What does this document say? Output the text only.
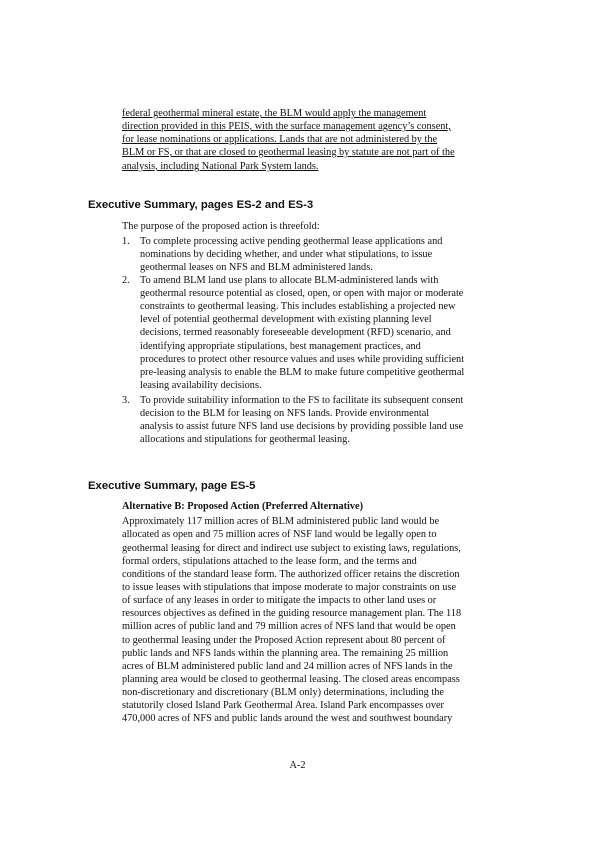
federal geothermal mineral estate, the BLM would apply the management
direction provided in this PEIS, with the surface management agency’s consent,
for lease nominations or applications. Lands that are not administered by the
BLM or FS, or that are closed to geothermal leasing by statute are not part of the
analysis, including National Park System lands.
Executive Summary, pages ES-2 and ES-3
The purpose of the proposed action is threefold:
1. To complete processing active pending geothermal lease applications and
nominations by deciding whether, and under what stipulations, to issue
geothermal leases on NFS and BLM administered lands.
2. To amend BLM land use plans to allocate BLM-administered lands with
geothermal resource potential as closed, open, or open with major or moderate
constraints to geothermal leasing. This includes establishing a projected new
level of potential geothermal development with existing planning level
decisions, termed reasonably foreseeable development (RFD) scenario, and
identifying appropriate stipulations, best management practices, and
procedures to protect other resource values and uses while providing sufficient
pre-leasing analysis to enable the BLM to make future competitive geothermal
leasing availability decisions.
3. To provide suitability information to the FS to facilitate its subsequent consent
decision to the BLM for leasing on NFS lands. Provide environmental
analysis to assist future NFS land use decisions by providing possible land use
allocations and stipulations for geothermal leasing.
Executive Summary, page ES-5
Alternative B: Proposed Action (Preferred Alternative)
Approximately 117 million acres of BLM administered public land would be
allocated as open and 75 million acres of NSF land would be legally open to
geothermal leasing for direct and indirect use subject to existing laws, regulations,
formal orders, stipulations attached to the lease form, and the terms and
conditions of the standard lease form. The authorized officer retains the discretion
to issue leases with stipulations that impose moderate to major constraints on use
of surface of any leases in order to mitigate the impacts to other land uses or
resources objectives as defined in the guiding resource management plan. The 118
million acres of public land and 79 million acres of NFS land that would be open
to geothermal leasing under the Proposed Action represent about 80 percent of
public lands and NFS lands within the planning area. The remaining 25 million
acres of BLM administered public land and 24 million acres of NFS lands in the
planning area would be closed to geothermal leasing. The closed areas encompass
non-discretionary and discretionary (BLM only) determinations, including the
statutorily closed Island Park Geothermal Area. Island Park encompasses over
470,000 acres of NFS and public lands around the west and southwest boundary
A-2
